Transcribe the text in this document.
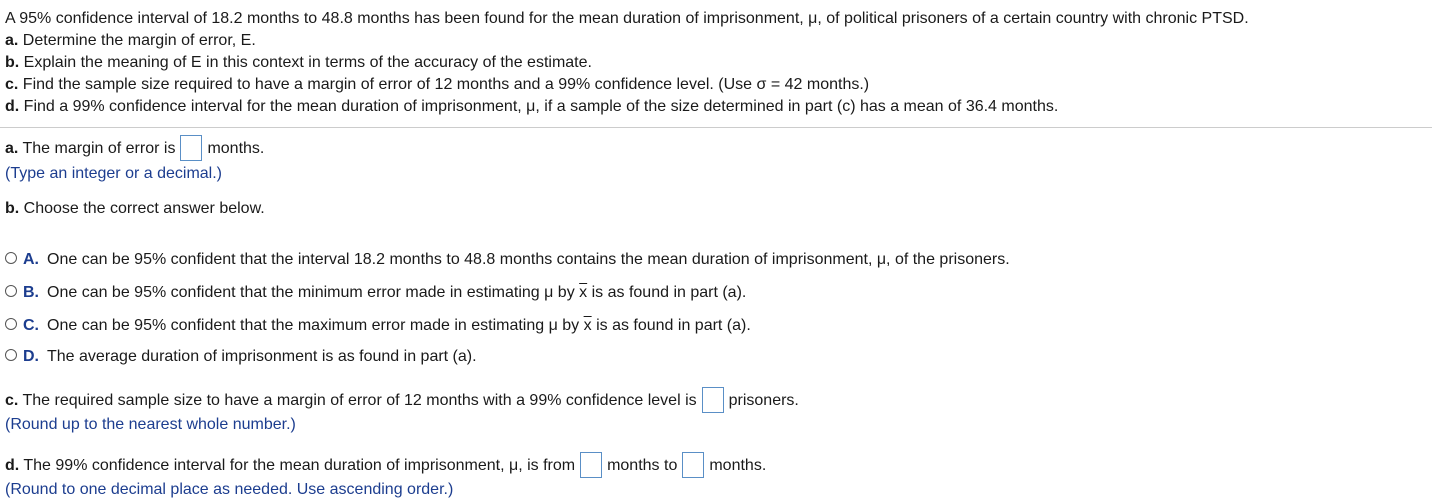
A 95% confidence interval of 18.2 months to 48.8 months has been found for the mean duration of imprisonment, μ, of political prisoners of a certain country with chronic PTSD.
a. Determine the margin of error, E.
b. Explain the meaning of E in this context in terms of the accuracy of the estimate.
c. Find the sample size required to have a margin of error of 12 months and a 99% confidence level. (Use σ = 42 months.)
d. Find a 99% confidence interval for the mean duration of imprisonment, μ, if a sample of the size determined in part (c) has a mean of 36.4 months.
a. The margin of error is months.
(Type an integer or a decimal.)
b. Choose the correct answer below.
A. One can be 95% confident that the interval 18.2 months to 48.8 months contains the mean duration of imprisonment, μ, of the prisoners.
B. One can be 95% confident that the minimum error made in estimating μ by $\overline{x}$ is as found in part (a).
C. One can be 95% confident that the maximum error made in estimating μ by $\overline{x}$ is as found in part (a).
D. The average duration of imprisonment is as found in part (a).
c. The required sample size to have a margin of error of 12 months with a 99% confidence level is prisoners.
(Round up to the nearest whole number.)
d. The 99% confidence interval for the mean duration of imprisonment, μ, is from months to months.
(Round to one decimal place as needed. Use ascending order.)
